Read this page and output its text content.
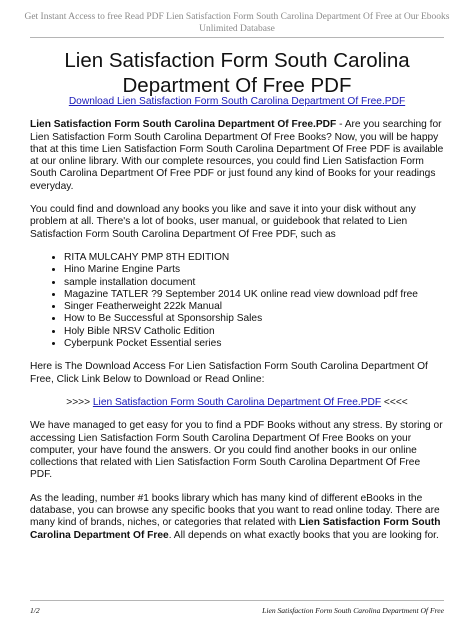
Get Instant Access to free Read PDF Lien Satisfaction Form South Carolina Department Of Free at Our Ebooks
Unlimited Database
Lien Satisfaction Form South Carolina
Department Of Free PDF

Download Lien Satisfaction Form South Carolina Department Of Free.PDF

Lien Satisfaction Form South Carolina Department Of Free.PDF - Are you searching for Lien Satisfaction Form South Carolina Department Of Free Books? Now, you will be happy that at this time Lien Satisfaction Form South Carolina Department Of Free PDF is available at our online library. With our complete resources, you could find Lien Satisfaction Form South Carolina Department Of Free PDF or just found any kind of Books for your readings everyday.

You could find and download any books you like and save it into your disk without any problem at all. There's a lot of books, user manual, or guidebook that related to Lien Satisfaction Form South Carolina Department Of Free PDF, such as

• RITA MULCAHY PMP 8TH EDITION
• Hino Marine Engine Parts
• sample installation document
• Magazine TATLER ?9 September 2014 UK online read view download pdf free
• Singer Featherweight 222k Manual
• How to Be Successful at Sponsorship Sales
• Holy Bible NRSV Catholic Edition
• Cyberpunk Pocket Essential series

Here is The Download Access For Lien Satisfaction Form South Carolina Department Of Free, Click Link Below to Download or Read Online:

>>>> Lien Satisfaction Form South Carolina Department Of Free.PDF <<<<

We have managed to get easy for you to find a PDF Books without any stress. By storing or accessing Lien Satisfaction Form South Carolina Department Of Free Books on your computer, your have found the answers. Or you could find another books in our online collections that related with Lien Satisfaction Form South Carolina Department Of Free PDF.

As the leading, number #1 books library which has many kind of different eBooks in the database, you can browse any specific books that you want to read online today. There are many kind of brands, niches, or categories that related with Lien Satisfaction Form South Carolina Department Of Free. All depends on what exactly books that you are looking for.

1/2	Lien Satisfaction Form South Carolina Department Of Free
